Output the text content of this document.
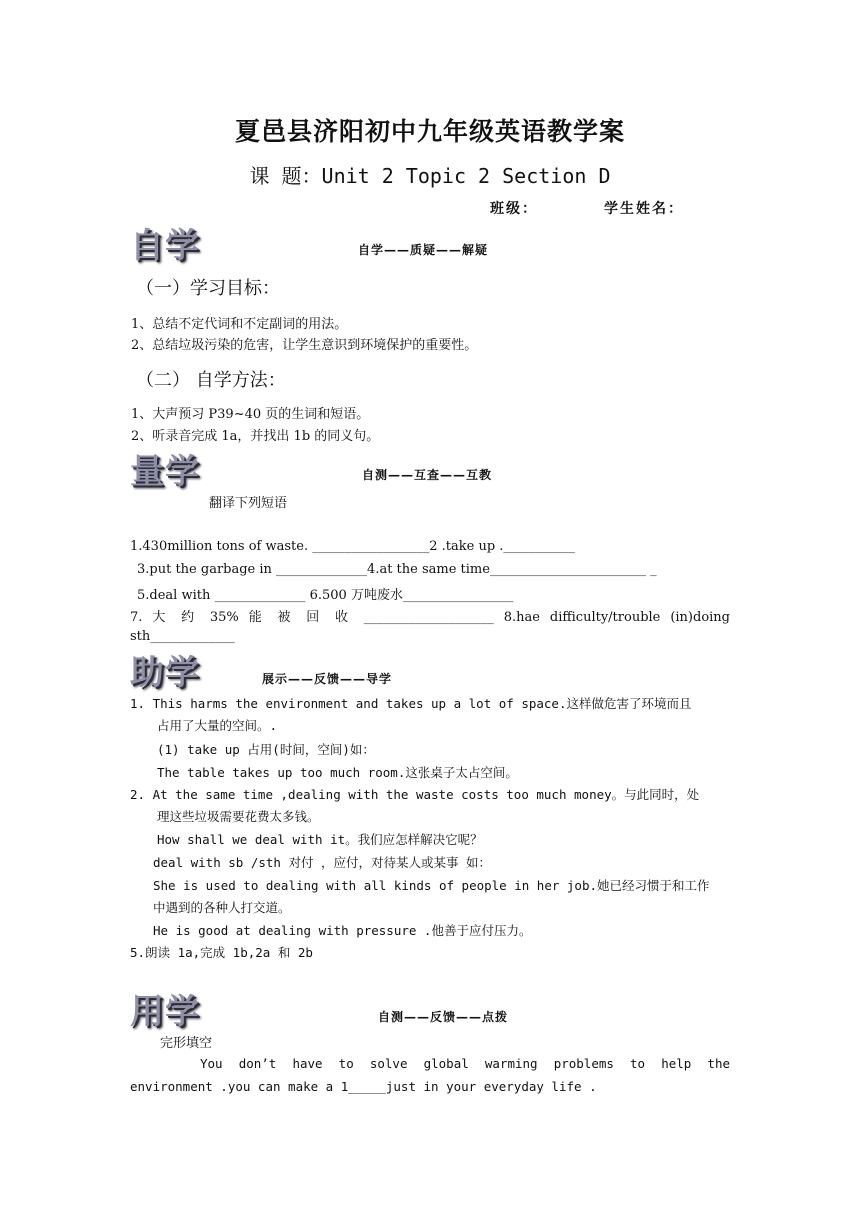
夏邑县济阳初中九年级英语教学案
课 题：Unit 2 Topic 2 Section D
班级：	学生姓名：
自学	自学——质疑——解疑
（一）学习目标：
1、总结不定代词和不定副词的用法。
2、总结垃圾污染的危害，让学生意识到环境保护的重要性。
（二） 自学方法：
1、大声预习 P39~40 页的生词和短语。
2、听录音完成 1a，并找出 1b 的同义句。
量学	自测——互查——互教
翻译下列短语
1.430million tons of waste. __________________2 .take up .___________
3.put the garbage in ______________4.at the same time________________________ _
5.deal with ______________ 6.500 万吨废水_________________
7. 大 约 35% 能 被 回 收 ____________________ 8.hae difficulty/trouble (in)doing
sth_____________
助学	展示——反馈——导学
1. This harms the environment and takes up a lot of space.这样做危害了环境而且
占用了大量的空间。.
(1) take up 占用(时间，空间)如：
The table takes up too much room.这张桌子太占空间。
2. At the same time ,dealing with the waste costs too much money。与此同时，处
理这些垃圾需要花费太多钱。
How shall we deal with it。我们应怎样解决它呢？
deal with sb /sth 对付 ，应付，对待某人或某事 如：
She is used to dealing with all kinds of people in her job.她已经习惯于和工作
中遇到的各种人打交道。
He is good at dealing with pressure .他善于应付压力。
5.朗读 1a,完成 1b,2a 和 2b
用学	自测——反馈——点拨
完形填空
You don’t have to solve global warming problems to help the
environment .you can make a 1_____just in your everyday life .
